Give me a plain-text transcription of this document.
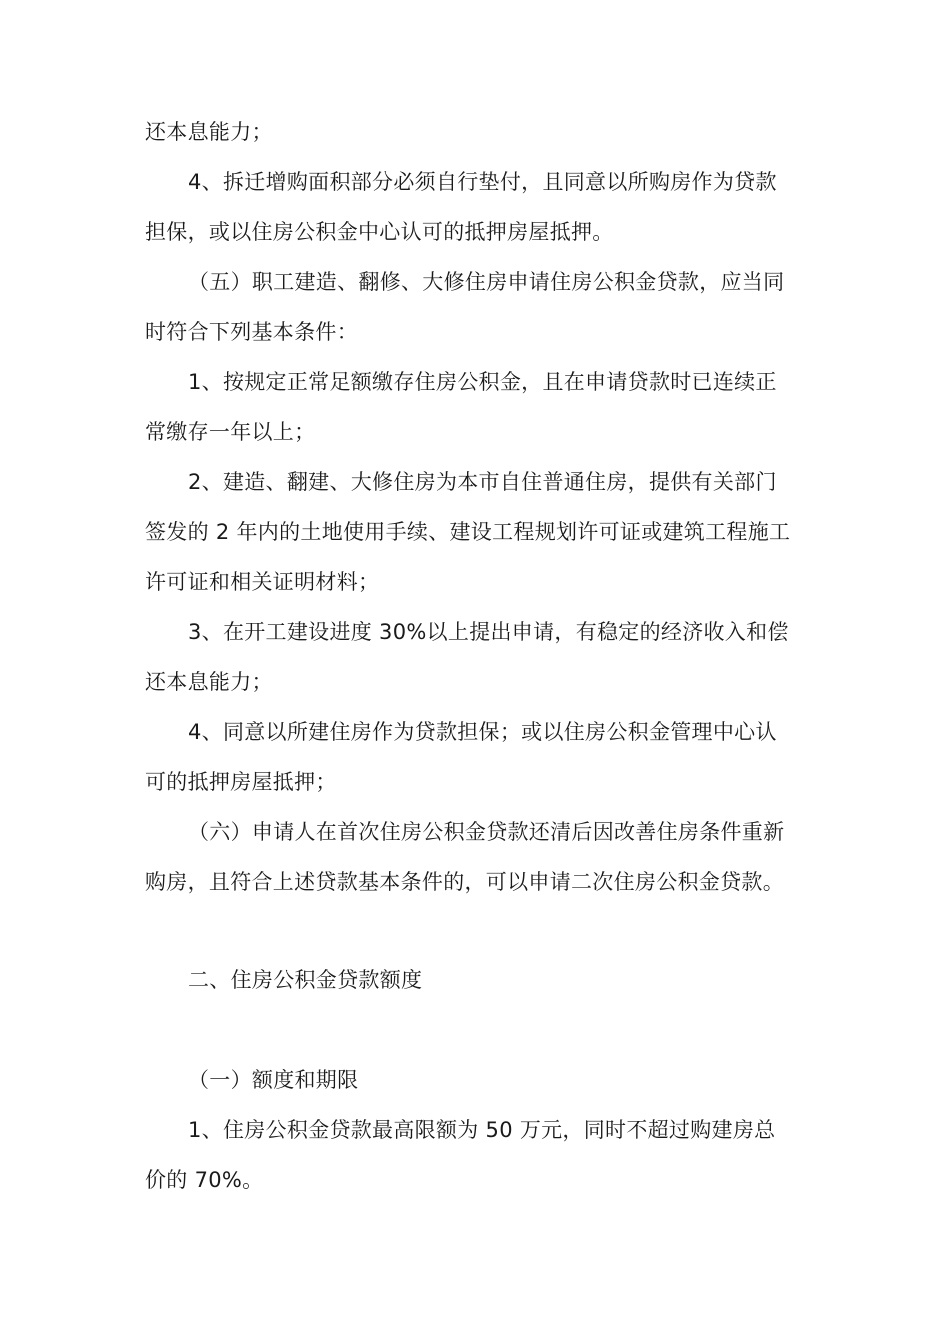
还本息能力；
4、拆迁增购面积部分必须自行垫付，且同意以所购房作为贷款
担保，或以住房公积金中心认可的抵押房屋抵押。
（五）职工建造、翻修、大修住房申请住房公积金贷款，应当同
时符合下列基本条件：
1、按规定正常足额缴存住房公积金，且在申请贷款时已连续正
常缴存一年以上；
2、建造、翻建、大修住房为本市自住普通住房，提供有关部门
签发的 2 年内的土地使用手续、建设工程规划许可证或建筑工程施工
许可证和相关证明材料；
3、在开工建设进度 30%以上提出申请，有稳定的经济收入和偿
还本息能力；
4、同意以所建住房作为贷款担保；或以住房公积金管理中心认
可的抵押房屋抵押；
（六）申请人在首次住房公积金贷款还清后因改善住房条件重新
购房，且符合上述贷款基本条件的，可以申请二次住房公积金贷款。
二、住房公积金贷款额度
（一）额度和期限
1、住房公积金贷款最高限额为 50 万元，同时不超过购建房总
价的 70%。
